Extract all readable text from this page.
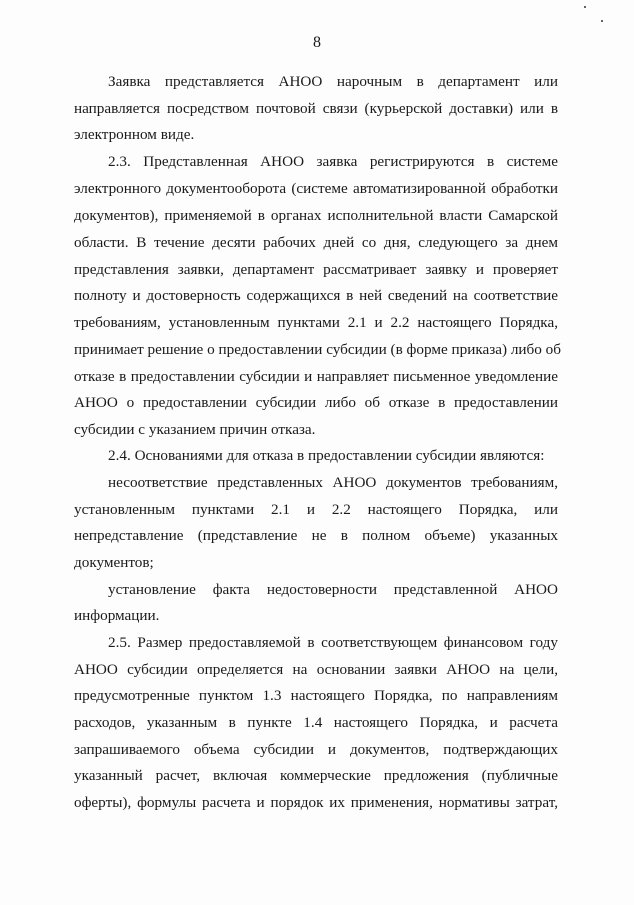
8
Заявка представляется АНОО нарочным в департамент или
направляется посредством почтовой связи (курьерской доставки) или в
электронном виде.
2.3. Представленная АНОО заявка регистрируются в системе
электронного документооборота (системе автоматизированной обработки
документов), применяемой в органах исполнительной власти Самарской
области. В течение десяти рабочих дней со дня, следующего за днем
представления заявки, департамент рассматривает заявку и проверяет
полноту и достоверность содержащихся в ней сведений на соответствие
требованиям, установленным пунктами 2.1 и 2.2 настоящего Порядка,
принимает решение о предоставлении субсидии (в форме приказа) либо об
отказе в предоставлении субсидии и направляет письменное уведомление
АНОО о предоставлении субсидии либо об отказе в предоставлении
субсидии с указанием причин отказа.
2.4. Основаниями для отказа в предоставлении субсидии являются:
несоответствие представленных АНОО документов требованиям,
установленным пунктами 2.1 и 2.2 настоящего Порядка, или
непредставление (представление не в полном объеме) указанных
документов;
установление факта недостоверности представленной АНОО
информации.
2.5. Размер предоставляемой в соответствующем финансовом году
АНОО субсидии определяется на основании заявки АНОО на цели,
предусмотренные пунктом 1.3 настоящего Порядка, по направлениям
расходов, указанным в пункте 1.4 настоящего Порядка, и расчета
запрашиваемого объема субсидии и документов, подтверждающих
указанный расчет, включая коммерческие предложения (публичные
оферты), формулы расчета и порядок их применения, нормативы затрат,
